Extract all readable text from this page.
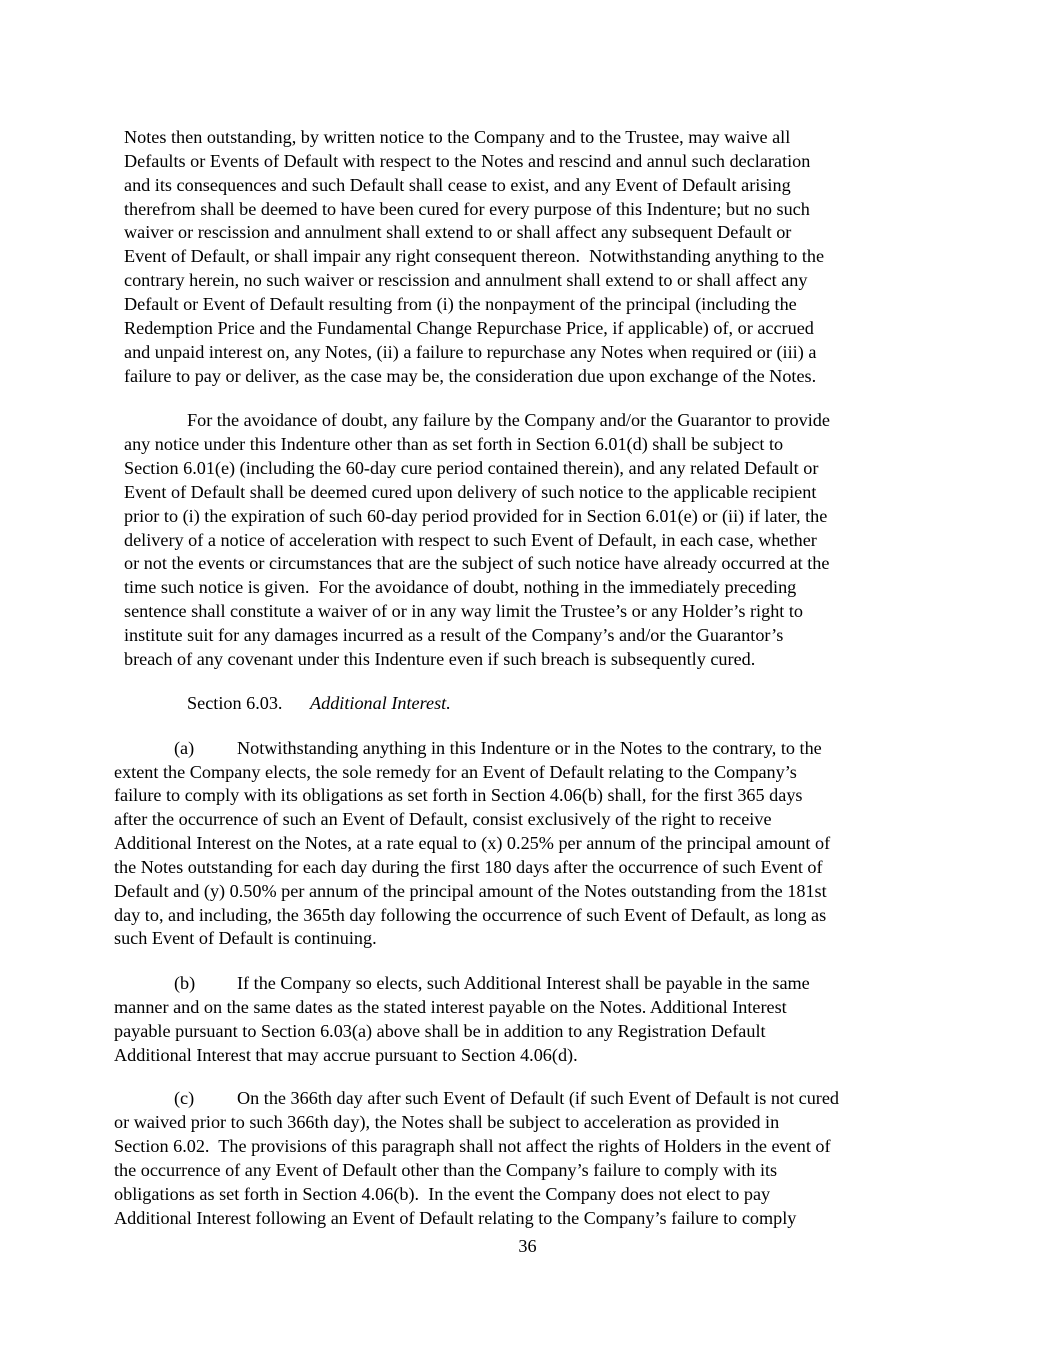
Notes then outstanding, by written notice to the Company and to the Trustee, may waive all

Defaults or Events of Default with respect to the Notes and rescind and annul such declaration

and its consequences and such Default shall cease to exist, and any Event of Default arising

therefrom shall be deemed to have been cured for every purpose of this Indenture; but no such

waiver or rescission and annulment shall extend to or shall affect any subsequent Default or

Event of Default, or shall impair any right consequent thereon.  Notwithstanding anything to the

contrary herein, no such waiver or rescission and annulment shall extend to or shall affect any

Default or Event of Default resulting from (i) the nonpayment of the principal (including the

Redemption Price and the Fundamental Change Repurchase Price, if applicable) of, or accrued

and unpaid interest on, any Notes, (ii) a failure to repurchase any Notes when required or (iii) a

failure to pay or deliver, as the case may be, the consideration due upon exchange of the Notes.

For the avoidance of doubt, any failure by the Company and/or the Guarantor to provide

any notice under this Indenture other than as set forth in Section 6.01(d) shall be subject to

Section 6.01(e) (including the 60-day cure period contained therein), and any related Default or

Event of Default shall be deemed cured upon delivery of such notice to the applicable recipient

prior to (i) the expiration of such 60-day period provided for in Section 6.01(e) or (ii) if later, the

delivery of a notice of acceleration with respect to such Event of Default, in each case, whether

or not the events or circumstances that are the subject of such notice have already occurred at the

time such notice is given.  For the avoidance of doubt, nothing in the immediately preceding

sentence shall constitute a waiver of or in any way limit the Trustee’s or any Holder’s right to

institute suit for any damages incurred as a result of the Company’s and/or the Guarantor’s

breach of any covenant under this Indenture even if such breach is subsequently cured.

Section 6.03. Additional Interest.

(a) Notwithstanding anything in this Indenture or in the Notes to the contrary, to the

extent the Company elects, the sole remedy for an Event of Default relating to the Company’s

failure to comply with its obligations as set forth in Section 4.06(b) shall, for the first 365 days

after the occurrence of such an Event of Default, consist exclusively of the right to receive

Additional Interest on the Notes, at a rate equal to (x) 0.25% per annum of the principal amount of

the Notes outstanding for each day during the first 180 days after the occurrence of such Event of

Default and (y) 0.50% per annum of the principal amount of the Notes outstanding from the 181st

day to, and including, the 365th day following the occurrence of such Event of Default, as long as

such Event of Default is continuing.

(b) If the Company so elects, such Additional Interest shall be payable in the same

manner and on the same dates as the stated interest payable on the Notes. Additional Interest

payable pursuant to Section 6.03(a) above shall be in addition to any Registration Default

Additional Interest that may accrue pursuant to Section 4.06(d).

(c) On the 366th day after such Event of Default (if such Event of Default is not cured

or waived prior to such 366th day), the Notes shall be subject to acceleration as provided in

Section 6.02.  The provisions of this paragraph shall not affect the rights of Holders in the event of

the occurrence of any Event of Default other than the Company’s failure to comply with its

obligations as set forth in Section 4.06(b).  In the event the Company does not elect to pay

Additional Interest following an Event of Default relating to the Company’s failure to comply

36
